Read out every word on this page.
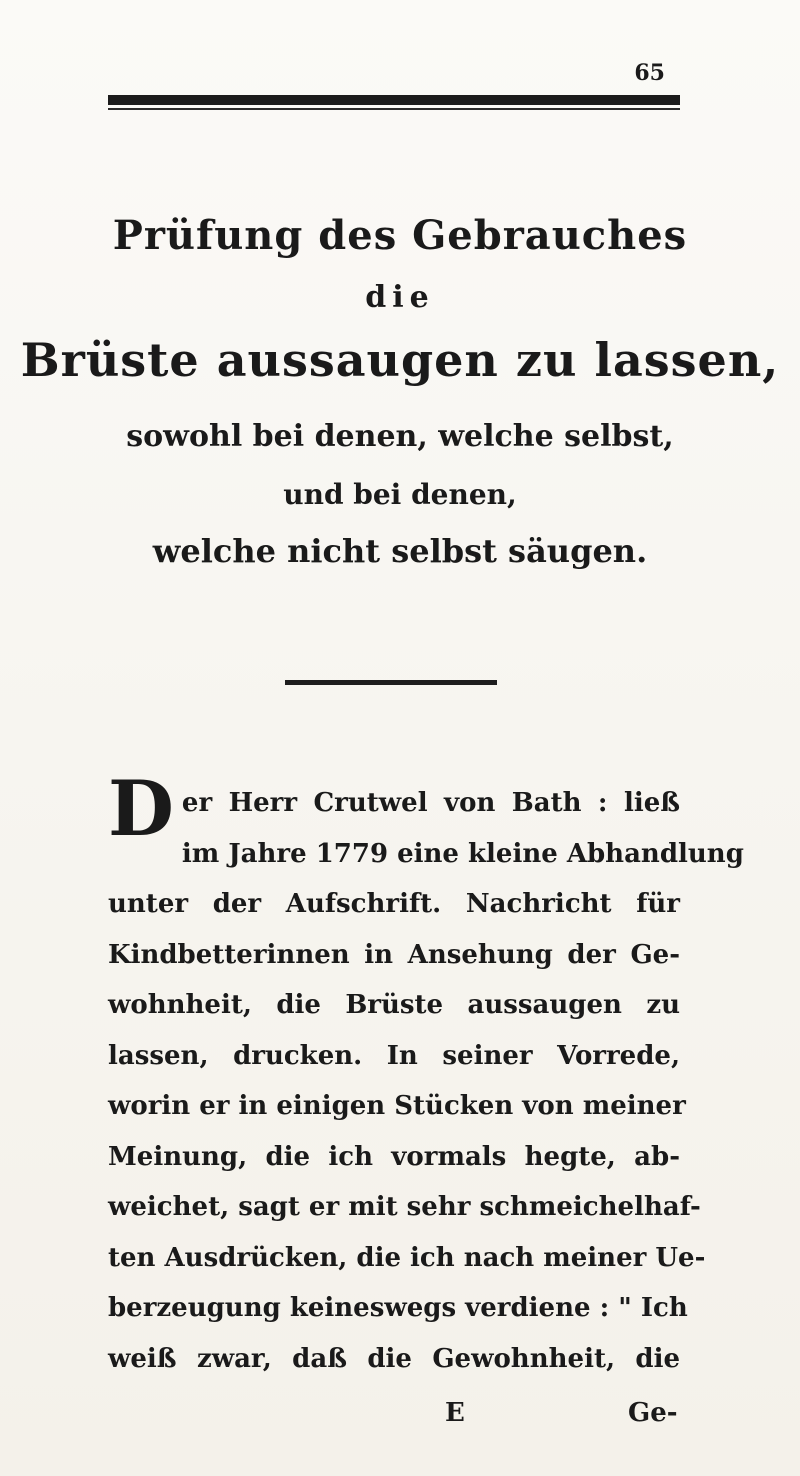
65
Prüfung des Gebrauches
die
Brüste aussaugen zu lassen,
sowohl bei denen, welche selbst,
und bei denen,
welche nicht selbst säugen.
D er Herr Crutwel von Bath : ließ
im Jahre 1779 eine kleine Abhandlung
unter der Aufschrift. Nachricht für
Kindbetterinnen in Ansehung der Ge-
wohnheit, die Brüste aussaugen zu
lassen, drucken. In seiner Vorrede,
worin er in einigen Stücken von meiner
Meinung, die ich vormals hegte, ab-
weichet, sagt er mit sehr schmeichelhaf-
ten Ausdrücken, die ich nach meiner Ue-
berzeugung keineswegs verdiene : " Ich
weiß zwar, daß die Gewohnheit, die
E	Ge-
